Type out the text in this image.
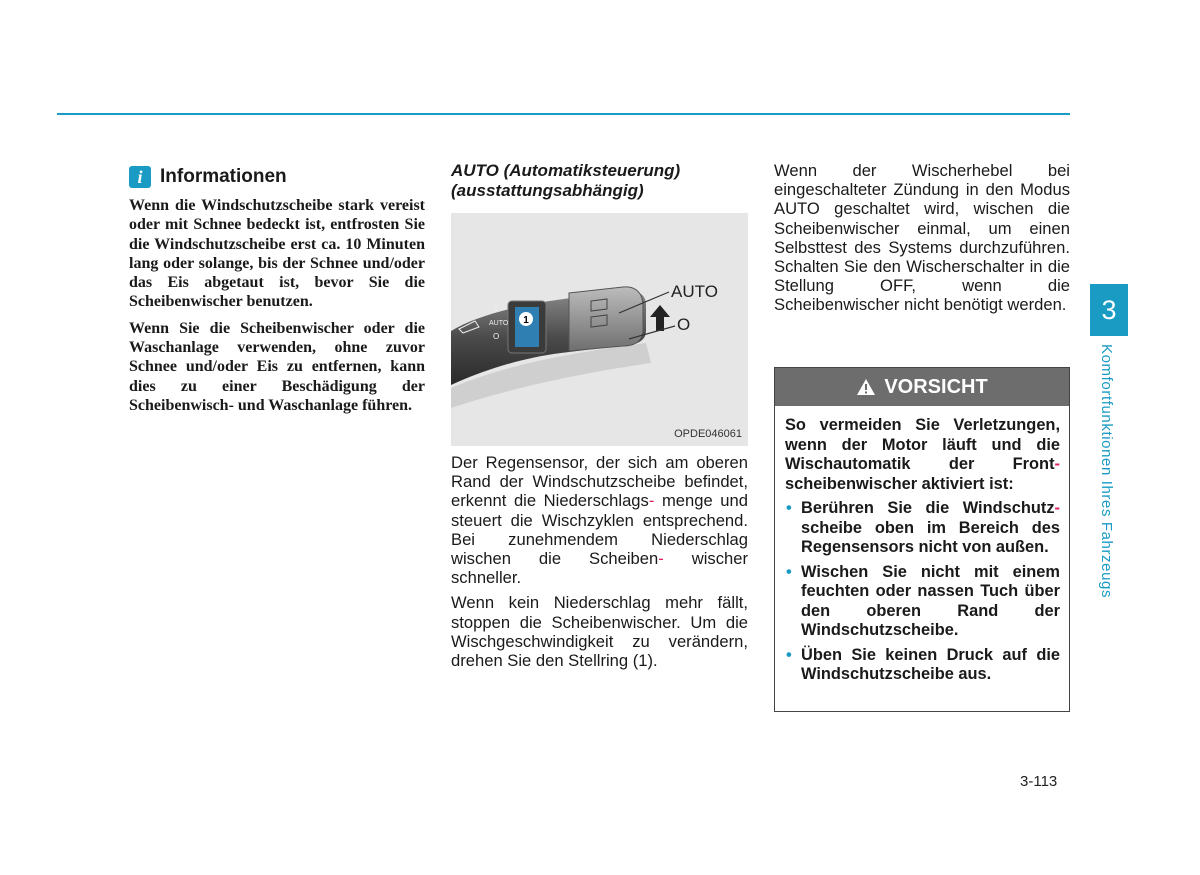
i Informationen

Wenn die Windschutzscheibe stark vereist oder mit Schnee bedeckt ist, entfrosten Sie die Windschutzscheibe erst ca. 10 Minuten lang oder solange, bis der Schnee und/oder das Eis abgetaut ist, bevor Sie die Scheibenwischer benutzen.

Wenn Sie die Scheibenwischer oder die Waschanlage verwenden, ohne zuvor Schnee und/oder Eis zu entfernen, kann dies zu einer Beschädigung der Scheibenwisch- und Waschanlage führen.

AUTO (Automatiksteuerung)
(ausstattungsabhängig)
1
AUTO
2
O
AUTO
O
OPDE046061

Der Regensensor, der sich am oberen Rand der Windschutzscheibe befindet, erkennt die Niederschlags- menge und steuert die Wischzyklen entsprechend. Bei zunehmendem Niederschlag wischen die Scheiben- wischer schneller.

Wenn kein Niederschlag mehr fällt, stoppen die Scheibenwischer. Um die Wischgeschwindigkeit zu verändern, drehen Sie den Stellring (1).

Wenn der Wischerhebel bei eingeschalteter Zündung in den Modus AUTO geschaltet wird, wischen die Scheibenwischer einmal, um einen Selbsttest des Systems durchzuführen. Schalten Sie den Wischerschalter in die Stellung OFF, wenn die Scheibenwischer nicht benötigt werden.

VORSICHT

So vermeiden Sie Verletzungen, wenn der Motor läuft und die Wischautomatik der Front- scheibenwischer aktiviert ist:

• Berühren Sie die Windschutz- scheibe oben im Bereich des Regensensors nicht von außen.
• Wischen Sie nicht mit einem feuchten oder nassen Tuch über den oberen Rand der Windschutzscheibe.
• Üben Sie keinen Druck auf die Windschutzscheibe aus.
3
Komfortfunktionen Ihres Fahrzeugs
3-113
